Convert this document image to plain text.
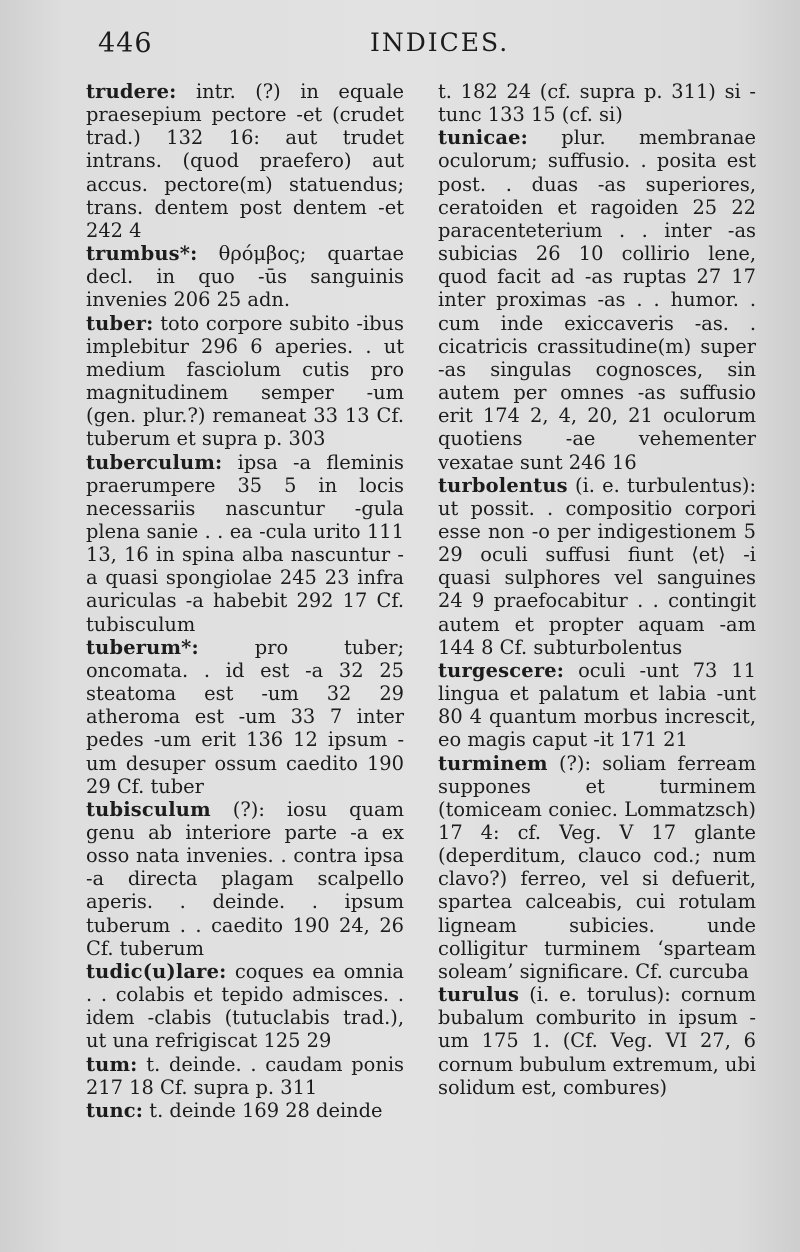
446	INDICES.

trudere: intr. (?) in equale praesepium pectore -et (crudet trad.) 132 16: aut trudet intrans. (quod praefero) aut accus. pectore(m) statuendus; trans. dentem post dentem -et 242 4

trumbus*: θρόμβος; quartae decl. in quo -ūs sanguinis invenies 206 25 adn.

tuber: toto corpore subito -ibus implebitur 296 6 aperies. . ut medium fasciolum cutis pro magnitudinem semper -um (gen. plur.?) remaneat 33 13 Cf. tuberum et supra p. 303

tuberculum: ipsa -a fleminis praerumpere 35 5 in locis necessariis nascuntur -gula plena sanie . . ea -cula urito 111 13, 16 in spina alba nascuntur -a quasi spongiolae 245 23 infra auriculas -a habebit 292 17 Cf. tubisculum

tuberum*:	pro tuber; oncomata. . id est -a 32 25 steatoma est -um 32 29 atheroma est -um 33 7 inter pedes -um erit 136 12 ipsum -um desuper ossum caedito 190 29 Cf. tuber

tubisculum (?): iosu quam genu ab interiore parte -a ex osso nata invenies. . contra ipsa -a directa plagam scalpello aperis. . deinde. . ipsum tuberum . . caedito 190 24, 26 Cf. tuberum

tudic(u)lare: coques ea omnia . . colabis et tepido admisces. . idem -clabis (tutuclabis trad.), ut una refrigiscat 125 29

tum: t. deinde. . caudam ponis 217 18 Cf. supra p. 311

tunc: t. deinde 169 28 deinde

t. 182 24 (cf. supra p. 311) si -tunc 133 15 (cf. si)

tunicae: plur. membranae oculorum; suffusio. . posita est post. . duas -as superiores, ceratoiden et ragoiden 25 22 paracenteterium . . inter -as subicias 26 10 collirio lene, quod facit ad -as ruptas 27 17 inter proximas -as . . humor. . cum inde exiccaveris -as. . cicatricis crassitudine(m) super -as singulas cognosces, sin autem per omnes -as suffusio erit 174 2, 4, 20, 21 oculorum quotiens -ae vehementer vexatae sunt 246 16

turbolentus (i. e. turbulentus): ut possit. . compositio corpori esse non -o per indigestionem 5 29 oculi suffusi fiunt ⟨et⟩ -i quasi sulphores vel sanguines 24 9 praefocabitur . . contingit autem et propter aquam -am 144 8 Cf. subturbolentus

turgescere: oculi -unt 73 11 lingua et palatum et labia -unt 80 4 quantum morbus increscit, eo magis caput -it 171 21

turminem (?): soliam ferream suppones et turminem (tomiceam coniec. Lommatzsch) 17 4: cf. Veg. V 17 glante (deperditum, clauco cod.; num clavo?) ferreo, vel si defuerit, spartea calceabis, cui rotulam ligneam subicies. unde colligitur turminem ‘sparteam soleam’ significare. Cf. curcuba

turulus (i. e. torulus): cornum bubalum comburito in ipsum -um 175 1. (Cf. Veg. VI 27, 6 cornum bubulum extremum, ubi solidum est, combures)
